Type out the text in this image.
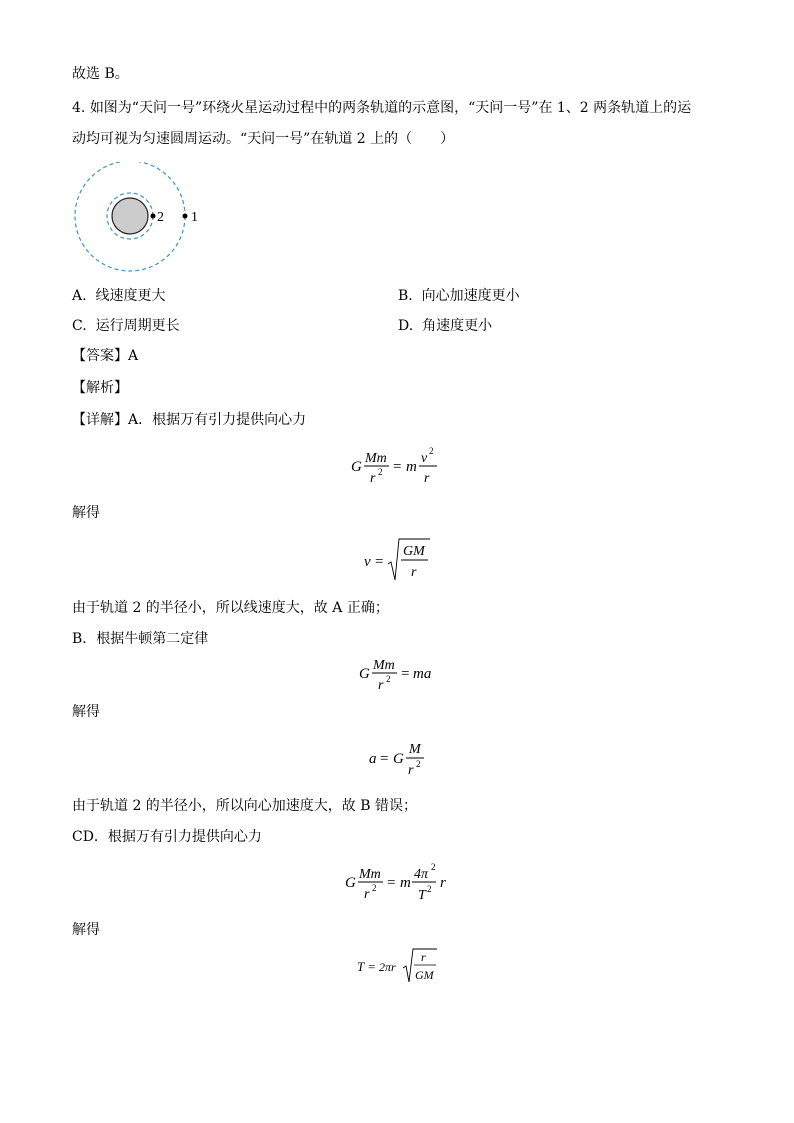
故选 B。
4. 如图为“天问一号”环绕火星运动过程中的两条轨道的示意图，“天问一号”在 1、2 两条轨道上的运
动均可视为匀速圆周运动。“天问一号”在轨道 2 上的（　　）
2 1
A. 线速度更大	B. 向心加速度更小
C. 运行周期更长	D. 角速度更小
【答案】A
【解析】
【详解】A．根据万有引力提供向心力
G
Mm
r 2 = m
v 2
r
解得
v =
GM
r
由于轨道 2 的半径小，所以线速度大，故 A 正确；
B．根据牛顿第二定律
G
Mm
r 2 = ma
解得
a = G
M
r 2
由于轨道 2 的半径小，所以向心加速度大，故 B 错误；
CD．根据万有引力提供向心力
G
Mm
r 2 = m
4π 2
T 2 r
解得
T = 2πr
r
GM
